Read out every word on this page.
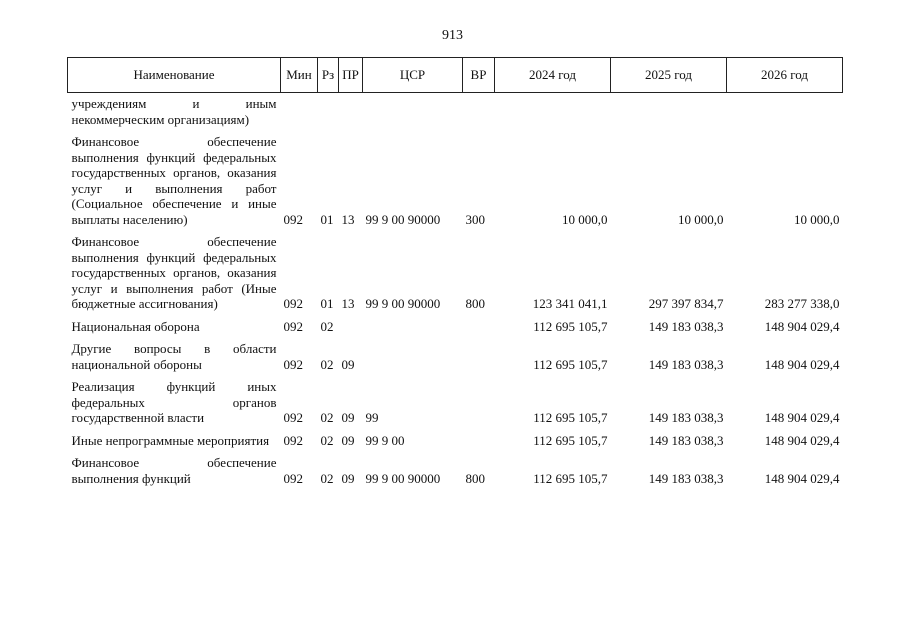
913
Наименование	Мин	Рз	ПР	ЦСР	ВР	2024 год	2025 год	2026 год
учреждениям и иным некоммерческим организациям)								
Финансовое обеспечение выполнения функций федеральных государственных органов, оказания услуг и выполнения работ (Социальное обеспечение и иные выплаты населению)	092	01	13	99 9 00 90000	300	10 000,0	10 000,0	10 000,0
Финансовое обеспечение выполнения функций федеральных государственных органов, оказания услуг и выполнения работ (Иные бюджетные ассигнования)	092	01	13	99 9 00 90000	800	123 341 041,1	297 397 834,7	283 277 338,0
Национальная оборона	092	02				112 695 105,7	149 183 038,3	148 904 029,4
Другие вопросы в области национальной обороны	092	02	09			112 695 105,7	149 183 038,3	148 904 029,4
Реализация функций иных федеральных органов государственной власти	092	02	09	99		112 695 105,7	149 183 038,3	148 904 029,4
Иные непрограммные мероприятия	092	02	09	99 9 00		112 695 105,7	149 183 038,3	148 904 029,4
Финансовое обеспечение выполнения функций	092	02	09	99 9 00 90000	800	112 695 105,7	149 183 038,3	148 904 029,4
